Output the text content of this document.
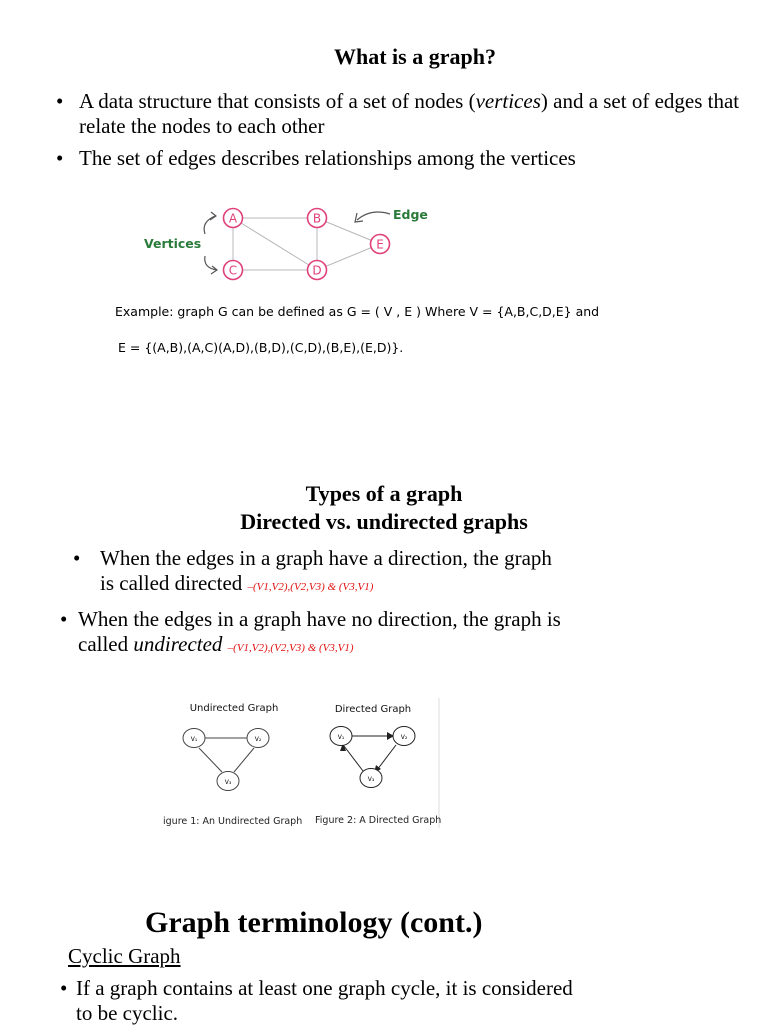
What is a graph?
• A data structure that consists of a set of nodes (vertices) and a set of edges that relate the nodes to each other
• The set of edges describes relationships among the vertices
A	B
C	D
E
Vertices
Edge
Example: graph G can be defined as G = ( V , E ) Where V = {A,B,C,D,E} and
E = {(A,B),(A,C)(A,D),(B,D),(C,D),(B,E),(E,D)}.
Types of a graph
Directed vs. undirected graphs
• When the edges in a graph have a direction, the graph
is called directed –(V1,V2),(V2,V3) & (V3,V1)
• When the edges in a graph have no direction, the graph is
called undirected –(V1,V2),(V2,V3) & (V3,V1)
Undirected Graph	Directed Graph
V₁	V₂
V₃
V₁	V₂
V₃
igure 1: An Undirected Graph Figure 2: A Directed Graph
Graph terminology (cont.)
Cyclic Graph
• If a graph contains at least one graph cycle, it is considered
to be cyclic.
